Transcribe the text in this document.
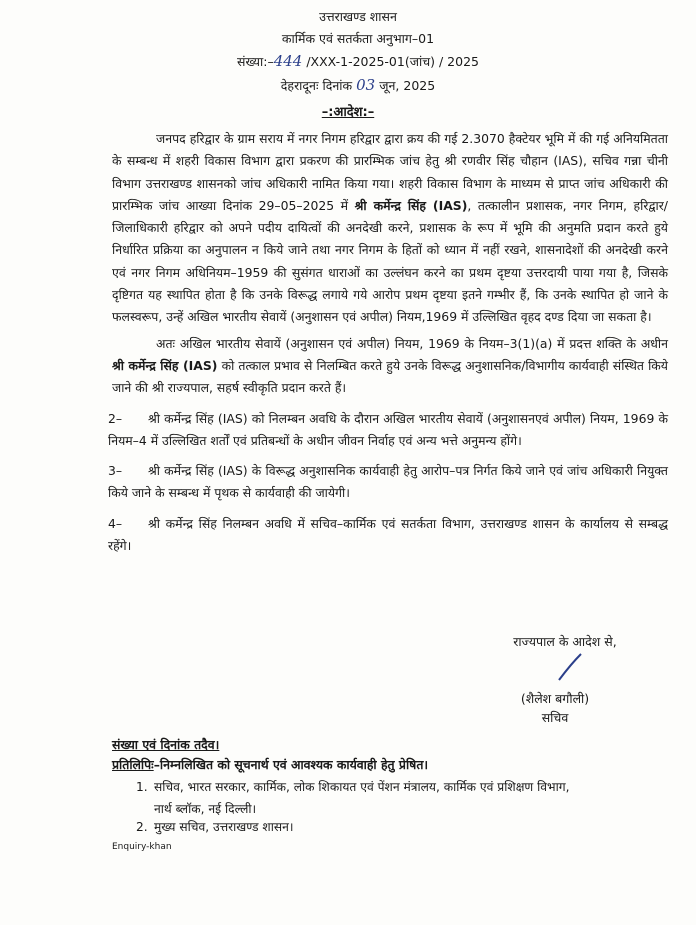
उत्तराखण्ड शासन
कार्मिक एवं सतर्कता अनुभाग–01
संख्या:–444 /XXX-1-2025-01(जांच) / 2025
देहरादूनः दिनांक 03 जून, 2025
–:आदेश:–

जनपद हरिद्वार के ग्राम सराय में नगर निगम हरिद्वार द्वारा क्रय की गई 2.3070 हैक्टेयर भूमि में की गई अनियमितता के सम्बन्ध में शहरी विकास विभाग द्वारा प्रकरण की प्रारम्भिक जांच हेतु श्री रणवीर सिंह चौहान (IAS), सचिव गन्ना चीनी विभाग उत्तराखण्ड शासनको जांच अधिकारी नामित किया गया। शहरी विकास विभाग के माध्यम से प्राप्त जांच अधिकारी की प्रारम्भिक जांच आख्या दिनांक 29–05–2025 में श्री कर्मेन्द्र सिंह (IAS), तत्कालीन प्रशासक, नगर निगम, हरिद्वार/ जिलाधिकारी हरिद्वार को अपने पदीय दायित्वों की अनदेखी करने, प्रशासक के रूप में भूमि की अनुमति प्रदान करते हुये निर्धारित प्रक्रिया का अनुपालन न किये जाने तथा नगर निगम के हितों को ध्यान में नहीं रखने, शासनादेशों की अनदेखी करने एवं नगर निगम अधिनियम–1959 की सुसंगत धाराओं का उल्लंघन करने का प्रथम दृष्टया उत्तरदायी पाया गया है, जिसके दृष्टिगत यह स्थापित होता है कि उनके विरूद्ध लगाये गये आरोप प्रथम दृष्टया इतने गम्भीर हैं, कि उनके स्थापित हो जाने के फलस्वरूप, उन्हें अखिल भारतीय सेवायें (अनुशासन एवं अपील) नियम,1969 में उल्लिखित वृहद दण्ड दिया जा सकता है।

अतः अखिल भारतीय सेवायें (अनुशासन एवं अपील) नियम, 1969 के नियम–3(1)(a) में प्रदत्त शक्ति के अधीन श्री कर्मेन्द्र सिंह (IAS) को तत्काल प्रभाव से निलम्बित करते हुये उनके विरूद्ध अनुशासनिक/विभागीय कार्यवाही संस्थित किये जाने की श्री राज्यपाल, सहर्ष स्वीकृति प्रदान करते हैं।

2– श्री कर्मेन्द्र सिंह (IAS) को निलम्बन अवधि के दौरान अखिल भारतीय सेवायें (अनुशासनएवं अपील) नियम, 1969 के नियम–4 में उल्लिखित शर्तों एवं प्रतिबन्धों के अधीन जीवन निर्वाह एवं अन्य भत्ते अनुमन्य होंगे।

3– श्री कर्मेन्द्र सिंह (IAS) के विरूद्ध अनुशासनिक कार्यवाही हेतु आरोप–पत्र निर्गत किये जाने एवं जांच अधिकारी नियुक्त किये जाने के सम्बन्ध में पृथक से कार्यवाही की जायेगी।

4– श्री कर्मेन्द्र सिंह निलम्बन अवधि में सचिव–कार्मिक एवं सतर्कता विभाग, उत्तराखण्ड शासन के कार्यालय से सम्बद्ध रहेंगे।

राज्यपाल के आदेश से,
(शैलेश बगौली)
सचिव
संख्या एवं दिनांक तदैव।
प्रतिलिपिः–निम्नलिखित को सूचनार्थ एवं आवश्यक कार्यवाही हेतु प्रेषित।
1. सचिव, भारत सरकार, कार्मिक, लोक शिकायत एवं पेंशन मंत्रालय, कार्मिक एवं प्रशिक्षण विभाग,
नार्थ ब्लॉक, नई दिल्ली।
2. मुख्य सचिव, उत्तराखण्ड शासन।
Enquiry-khan
